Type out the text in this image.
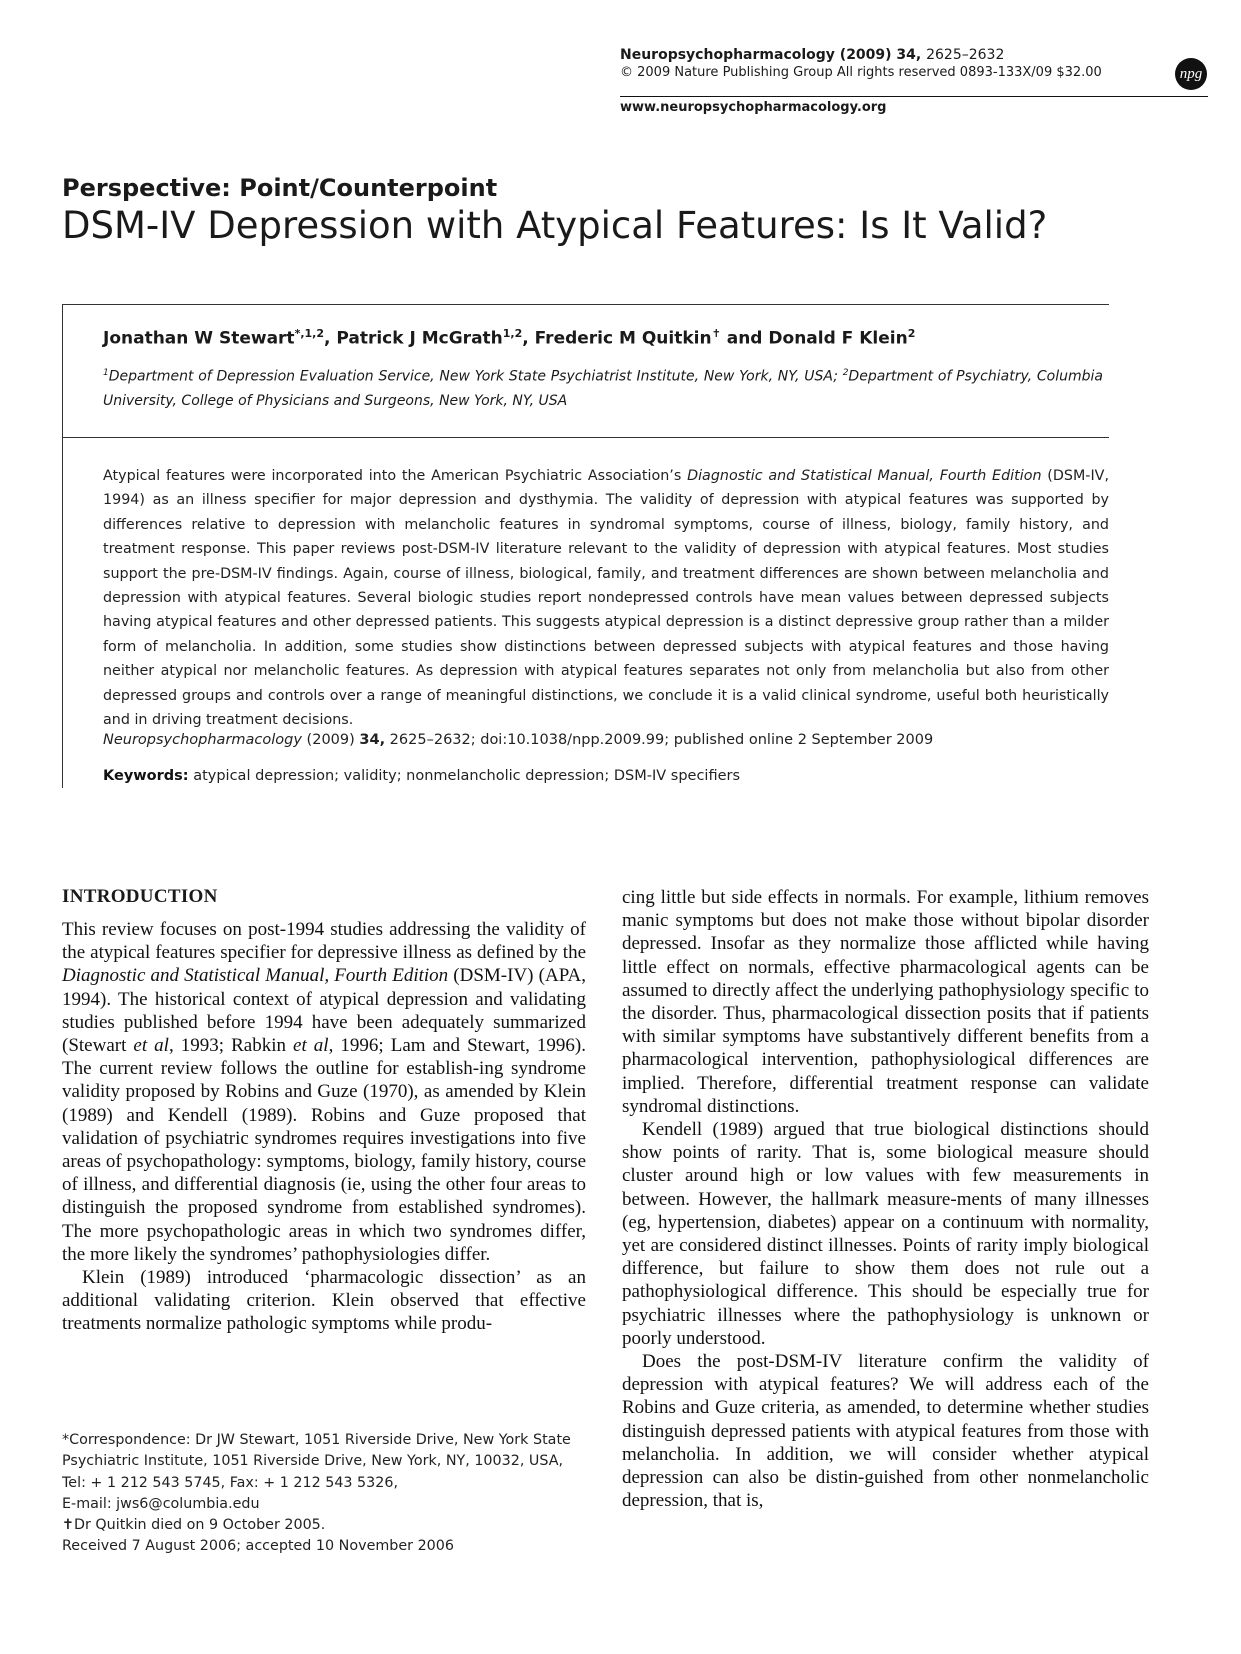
Neuropsychopharmacology (2009) 34, 2625–2632
© 2009 Nature Publishing Group All rights reserved 0893-133X/09 $32.00	npg
www.neuropsychopharmacology.org
Perspective: Point/Counterpoint
DSM-IV Depression with Atypical Features: Is It Valid?
Jonathan W Stewart$^{*,1,2}$, Patrick J McGrath$^{1,2}$, Frederic M Quitkin✝ and Donald F Klein$^2$
$^1$Department of Depression Evaluation Service, New York State Psychiatrist Institute, New York, NY, USA; $^2$Department of Psychiatry, Columbia University, College of Physicians and Surgeons, New York, NY, USA
Atypical features were incorporated into the American Psychiatric Association’s Diagnostic and Statistical Manual, Fourth Edition (DSM-IV, 1994) as an illness specifier for major depression and dysthymia. The validity of depression with atypical features was supported by differences relative to depression with melancholic features in syndromal symptoms, course of illness, biology, family history, and treatment response. This paper reviews post-DSM-IV literature relevant to the validity of depression with atypical features. Most studies support the pre-DSM-IV findings. Again, course of illness, biological, family, and treatment differences are shown between melancholia and depression with atypical features. Several biologic studies report nondepressed controls have mean values between depressed subjects having atypical features and other depressed patients. This suggests atypical depression is a distinct depressive group rather than a milder form of melancholia. In addition, some studies show distinctions between depressed subjects with atypical features and those having neither atypical nor melancholic features. As depression with atypical features separates not only from melancholia but also from other depressed groups and controls over a range of meaningful distinctions, we conclude it is a valid clinical syndrome, useful both heuristically and in driving treatment decisions.
Neuropsychopharmacology (2009) 34, 2625–2632; doi:10.1038/npp.2009.99; published online 2 September 2009
Keywords: atypical depression; validity; nonmelancholic depression; DSM-IV specifiers
INTRODUCTION

This review focuses on post-1994 studies addressing the validity of the atypical features specifier for depressive illness as defined by the Diagnostic and Statistical Manual, Fourth Edition (DSM-IV) (APA, 1994). The historical context of atypical depression and validating studies published before 1994 have been adequately summarized (Stewart et al, 1993; Rabkin et al, 1996; Lam and Stewart, 1996). The current review follows the outline for establish-ing syndrome validity proposed by Robins and Guze (1970), as amended by Klein (1989) and Kendell (1989). Robins and Guze proposed that validation of psychiatric syndromes requires investigations into five areas of psychopathology: symptoms, biology, family history, course of illness, and differential diagnosis (ie, using the other four areas to distinguish the proposed syndrome from established syndromes). The more psychopathologic areas in which two syndromes differ, the more likely the syndromes’ pathophysiologies differ.

Klein (1989) introduced ‘pharmacologic dissection’ as an additional validating criterion. Klein observed that effective treatments normalize pathologic symptoms while produ-

cing little but side effects in normals. For example, lithium removes manic symptoms but does not make those without bipolar disorder depressed. Insofar as they normalize those afflicted while having little effect on normals, effective pharmacological agents can be assumed to directly affect the underlying pathophysiology specific to the disorder. Thus, pharmacological dissection posits that if patients with similar symptoms have substantively different benefits from a pharmacological intervention, pathophysiological differences are implied. Therefore, differential treatment response can validate syndromal distinctions.

Kendell (1989) argued that true biological distinctions should show points of rarity. That is, some biological measure should cluster around high or low values with few measurements in between. However, the hallmark measure-ments of many illnesses (eg, hypertension, diabetes) appear on a continuum with normality, yet are considered distinct illnesses. Points of rarity imply biological difference, but failure to show them does not rule out a pathophysiological difference. This should be especially true for psychiatric illnesses where the pathophysiology is unknown or poorly understood.

Does the post-DSM-IV literature confirm the validity of depression with atypical features? We will address each of the Robins and Guze criteria, as amended, to determine whether studies distinguish depressed patients with atypical features from those with melancholia. In addition, we will consider whether atypical depression can also be distin-guished from other nonmelancholic depression, that is,

*Correspondence: Dr JW Stewart, 1051 Riverside Drive, New York State Psychiatric Institute, 1051 Riverside Drive, New York, NY, 10032, USA, Tel: + 1 212 543 5745, Fax: + 1 212 543 5326,

E-mail: jws6@columbia.edu

✝Dr Quitkin died on 9 October 2005.

Received 7 August 2006; accepted 10 November 2006
